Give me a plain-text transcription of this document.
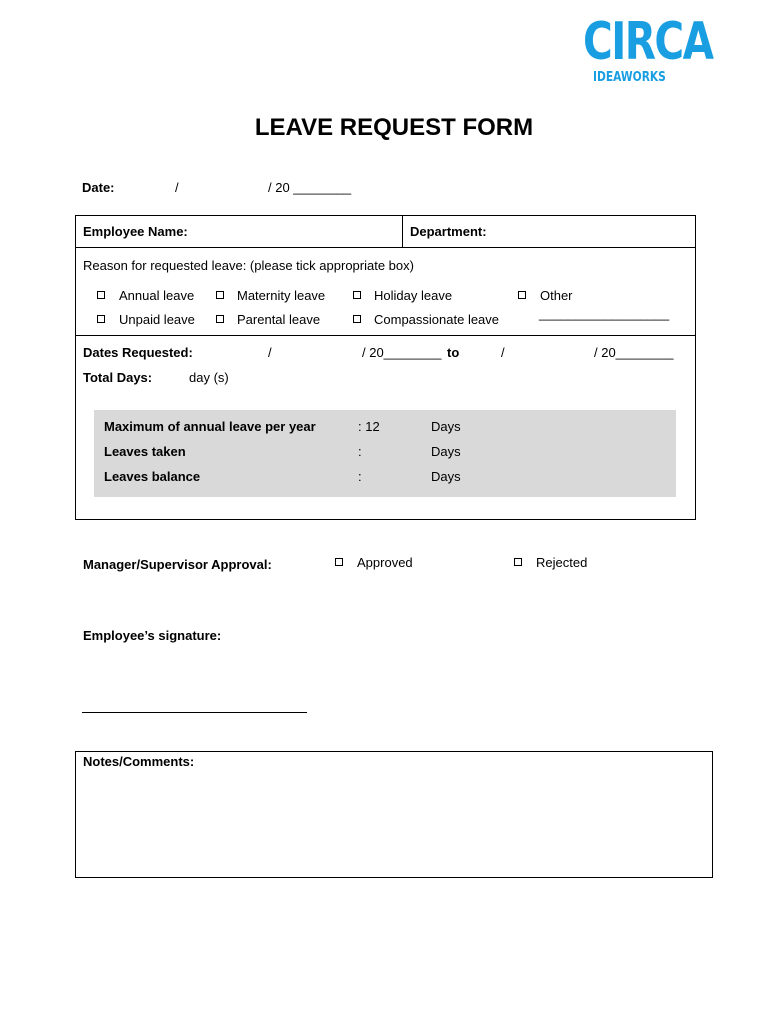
CIRCA
IDEAWORKS
LEAVE REQUEST FORM
Date:	/	/ 20 ________
Employee Name:	Department:
Reason for requested leave: (please tick appropriate box)
Annual leave	Maternity leave	Holiday leave	Other
Unpaid leave	Parental leave	Compassionate leave	__________________
Dates Requested:	/	/ 20________ to	/	/ 20________
Total Days:	day (s)
Maximum of annual leave per year	: 12	Days
Leaves taken	:	Days
Leaves balance	:	Days
Manager/Supervisor Approval:	Approved	Rejected
Employee’s signature:
Notes/Comments:
